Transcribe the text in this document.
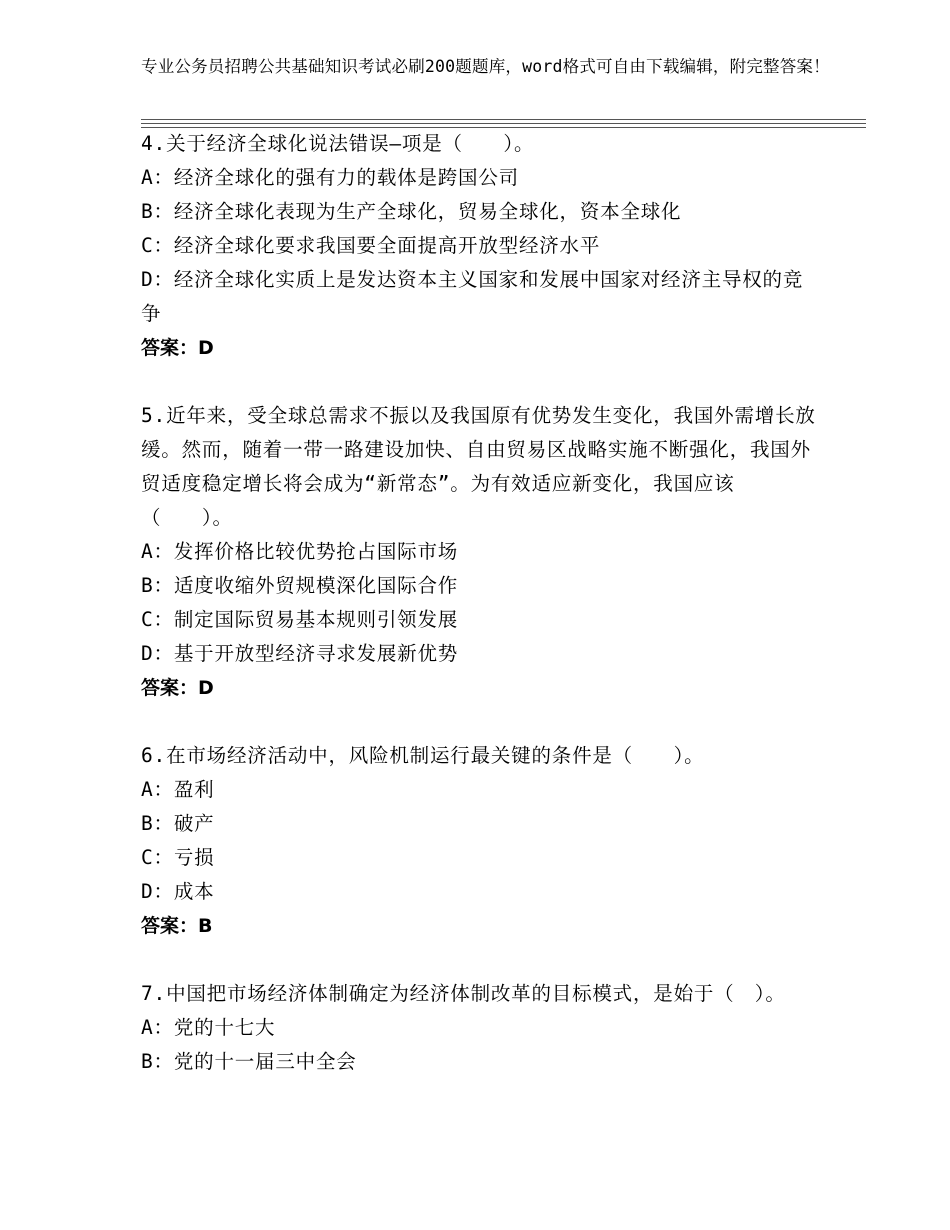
专业公务员招聘公共基础知识考试必刷200题题库，word格式可自由下载编辑，附完整答案！

4.关于经济全球化说法错误—项是（　　）。

A：经济全球化的强有力的载体是跨国公司

B：经济全球化表现为生产全球化，贸易全球化，资本全球化

C：经济全球化要求我国要全面提高开放型经济水平

D：经济全球化实质上是发达资本主义国家和发展中国家对经济主导权的竞争

答案：D

5.近年来，受全球总需求不振以及我国原有优势发生变化，我国外需增长放缓。然而，随着一带一路建设加快、自由贸易区战略实施不断强化，我国外贸适度稳定增长将会成为“新常态”。为有效适应新变化，我国应该（　　）。

A：发挥价格比较优势抢占国际市场

B：适度收缩外贸规模深化国际合作

C：制定国际贸易基本规则引领发展

D：基于开放型经济寻求发展新优势

答案：D

6.在市场经济活动中，风险机制运行最关键的条件是（　　）。

A：盈利

B：破产

C：亏损

D：成本

答案：B

7.中国把市场经济体制确定为经济体制改革的目标模式，是始于（　）。

A：党的十七大

B：党的十一届三中全会
